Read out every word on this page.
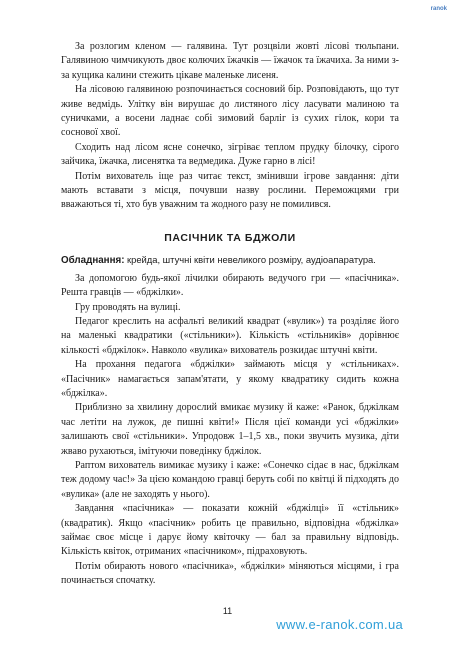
ranok

За розлогим кленом — галявина. Тут розцвіли жовті лісові тюльпани. Галявиною чимчикують двоє колючих їжачків — їжачок та їжачиха. За ними з-за кущика калини стежить цікаве маленьке лисеня.

На лісовою галявиною розпочинається сосновий бір. Розповідають, що тут живе ведмідь. Улітку він вирушає до листяного лісу ласувати малиною та суничками, а восени ладнає собі зимовий барліг із сухих гілок, кори та соснової хвої.

Сходить над лісом ясне сонечко, зігріває теплом прудку білочку, сірого зайчика, їжачка, лисенятка та ведмедика. Дуже гарно в лісі!

Потім вихователь іще раз читає текст, змінивши ігрове завдання: діти мають вставати з місця, почувши назву рослини. Переможцями гри вважаються ті, хто був уважним та жодного разу не помилився.

ПАСІЧНИК ТА БДЖОЛИ

Обладнання: крейда, штучні квіти невеликого розміру, аудіоапаратура.

За допомогою будь-якої лічилки обирають ведучого гри — «пасічника». Решта гравців — «бджілки».

Гру проводять на вулиці.

Педагог креслить на асфальті великий квадрат («вулик») та розділяє його на маленькі квадратики («стільники»). Кількість «стільників» дорівнює кількості «бджілок». Навколо «вулика» вихователь розкидає штучні квіти.

На прохання педагога «бджілки» займають місця у «стільниках». «Пасічник» намагається запам'ятати, у якому квадратику сидить кожна «бджілка».

Приблизно за хвилину дорослий вмикає музику й каже: «Ранок, бджілкам час летіти на лужок, де пишні квіти!» Після цієї команди усі «бджілки» залишають свої «стільники». Упродовж 1–1,5 хв., поки звучить музика, діти жваво рухаються, імітуючи поведінку бджілок.

Раптом вихователь вимикає музику і каже: «Сонечко сідає в нас, бджілкам теж додому час!» За цією командою гравці беруть собі по квітці й підходять до «вулика» (але не заходять у нього).

Завдання «пасічника» — показати кожній «бджілці» її «стільник» (квадратик). Якщо «пасічник» робить це правильно, відповідна «бджілка» займає своє місце і дарує йому квіточку — бал за правильну відповідь. Кількість квіток, отриманих «пасічником», підраховують.

Потім обирають нового «пасічника», «бджілки» міняються місцями, і гра починається спочатку.

11
www.e-ranok.com.ua
